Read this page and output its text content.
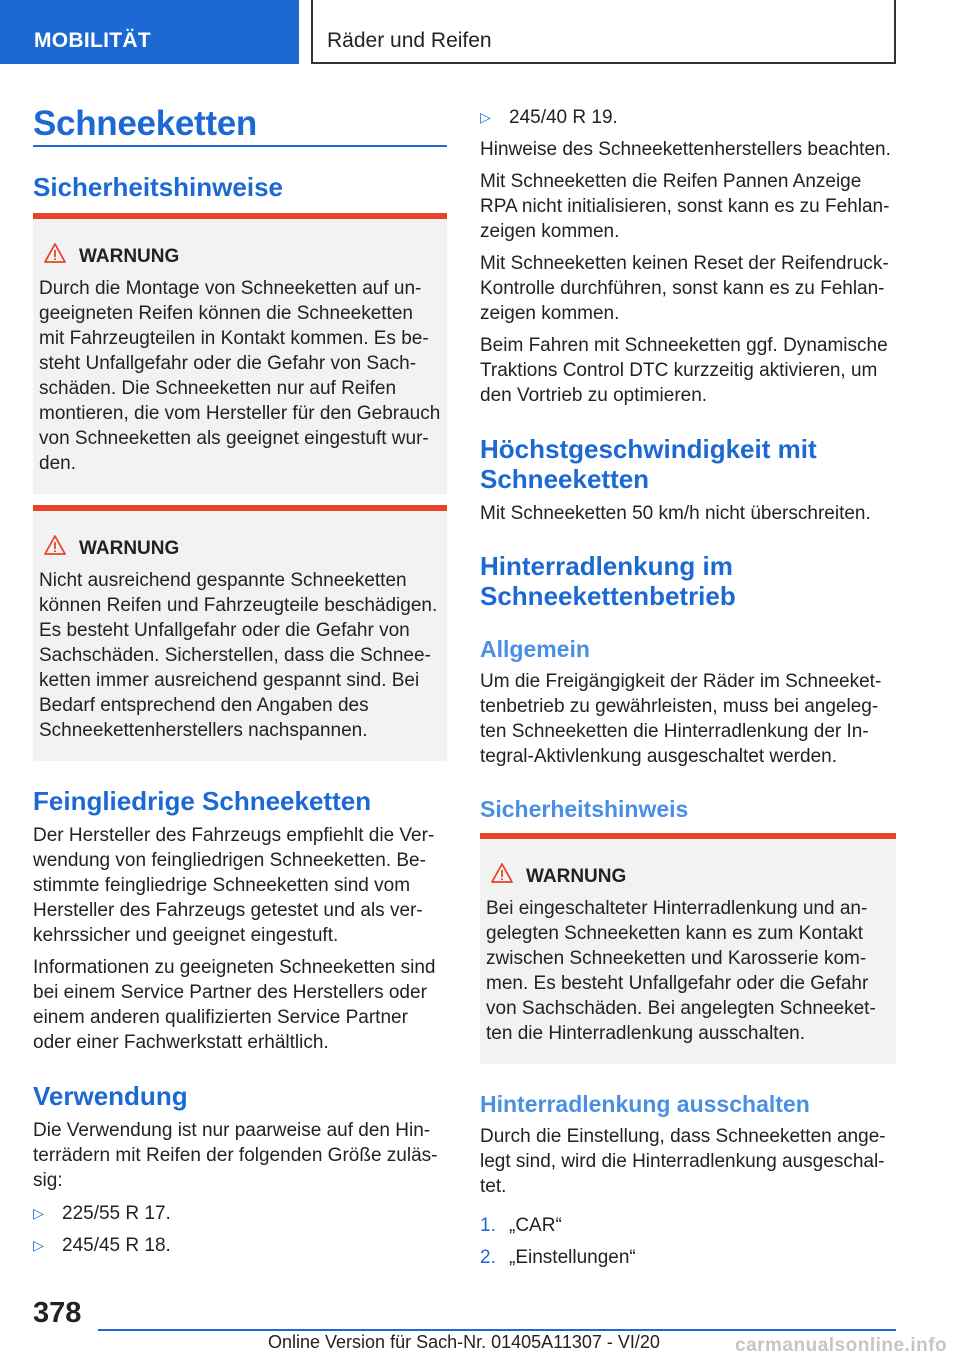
MOBILITÄT	Räder und Reifen
Schneeketten
Sicherheitshinweise
WARNUNG
Durch die Montage von Schneeketten auf un-
geeigneten Reifen können die Schneeketten
mit Fahrzeugteilen in Kontakt kommen. Es be-
steht Unfallgefahr oder die Gefahr von Sach-
schäden. Die Schneeketten nur auf Reifen
montieren, die vom Hersteller für den Gebrauch
von Schneeketten als geeignet eingestuft wur-
den.
WARNUNG
Nicht ausreichend gespannte Schneeketten
können Reifen und Fahrzeugteile beschädigen.
Es besteht Unfallgefahr oder die Gefahr von
Sachschäden. Sicherstellen, dass die Schnee-
ketten immer ausreichend gespannt sind. Bei
Bedarf entsprechend den Angaben des
Schneekettenherstellers nachspannen.
Feingliedrige Schneeketten
Der Hersteller des Fahrzeugs empfiehlt die Ver-
wendung von feingliedrigen Schneeketten. Be-
stimmte feingliedrige Schneeketten sind vom
Hersteller des Fahrzeugs getestet und als ver-
kehrssicher und geeignet eingestuft.
Informationen zu geeigneten Schneeketten sind
bei einem Service Partner des Herstellers oder
einem anderen qualifizierten Service Partner
oder einer Fachwerkstatt erhältlich.
Verwendung
Die Verwendung ist nur paarweise auf den Hin-
terrädern mit Reifen der folgenden Größe zuläs-
sig:
▷ 225/55 R 17.
▷ 245/45 R 18.
▷ 245/40 R 19.
Hinweise des Schneekettenherstellers beachten.
Mit Schneeketten die Reifen Pannen Anzeige
RPA nicht initialisieren, sonst kann es zu Fehlan-
zeigen kommen.
Mit Schneeketten keinen Reset der Reifendruck-
Kontrolle durchführen, sonst kann es zu Fehlan-
zeigen kommen.
Beim Fahren mit Schneeketten ggf. Dynamische
Traktions Control DTC kurzzeitig aktivieren, um
den Vortrieb zu optimieren.
Höchstgeschwindigkeit mit
Schneeketten
Mit Schneeketten 50 km/h nicht überschreiten.
Hinterradlenkung im
Schneekettenbetrieb
Allgemein
Um die Freigängigkeit der Räder im Schneeket-
tenbetrieb zu gewährleisten, muss bei angeleg-
ten Schneeketten die Hinterradlenkung der In-
tegral-Aktivlenkung ausgeschaltet werden.
Sicherheitshinweis
WARNUNG
Bei eingeschalteter Hinterradlenkung und an-
gelegten Schneeketten kann es zum Kontakt
zwischen Schneeketten und Karosserie kom-
men. Es besteht Unfallgefahr oder die Gefahr
von Sachschäden. Bei angelegten Schneeket-
ten die Hinterradlenkung ausschalten.
Hinterradlenkung ausschalten
Durch die Einstellung, dass Schneeketten ange-
legt sind, wird die Hinterradlenkung ausgeschal-
tet.
1. „CAR“
2. „Einstellungen“
378
Online Version für Sach-Nr. 01405A11307 - VI/20	carmanualsonline.info
